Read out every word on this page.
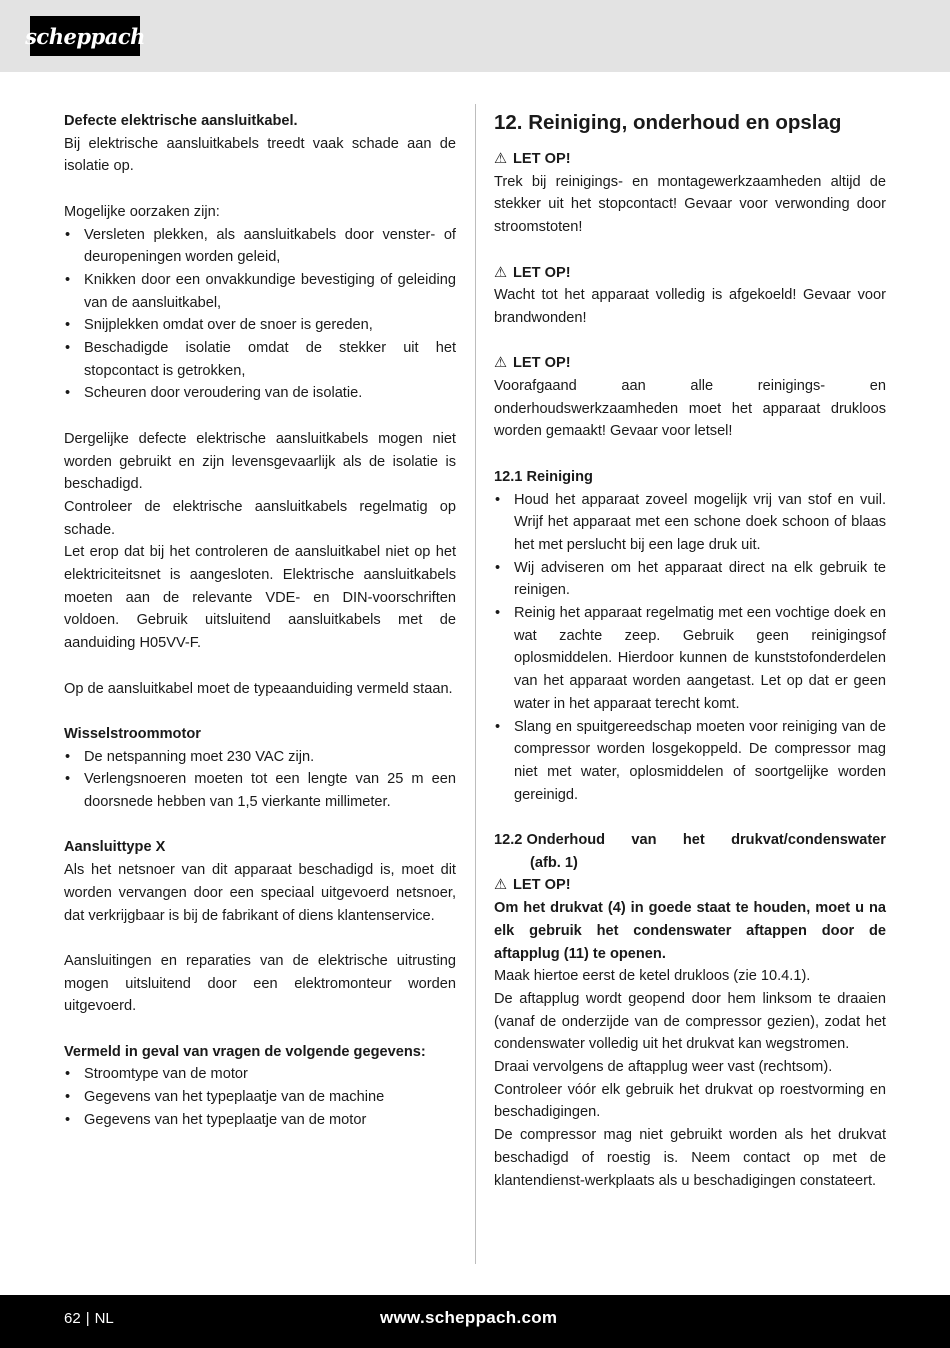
scheppach

Defecte elektrische aansluitkabel.

Bij elektrische aansluitkabels treedt vaak schade aan de isolatie op.

Mogelijke oorzaken zijn:

• Versleten plekken, als aansluitkabels door venster- of deuropeningen worden geleid,
• Knikken door een onvakkundige bevestiging of geleiding van de aansluitkabel,
• Snijplekken omdat over de snoer is gereden,
• Beschadigde isolatie omdat de stekker uit het stopcontact is getrokken,
• Scheuren door veroudering van de isolatie.

Dergelijke defecte elektrische aansluitkabels mogen niet worden gebruikt en zijn levensgevaarlijk als de isolatie is beschadigd.

Controleer de elektrische aansluitkabels regelmatig op schade.

Let erop dat bij het controleren de aansluitkabel niet op het elektriciteitsnet is aangesloten. Elektrische aansluitkabels moeten aan de relevante VDE- en DIN-voorschriften voldoen. Gebruik uitsluitend aansluitkabels met de aanduiding H05VV-F.

Op de aansluitkabel moet de typeaanduiding vermeld staan.

Wisselstroommotor

• De netspanning moet 230 VAC zijn.
• Verlengsnoeren moeten tot een lengte van 25 m een doorsnede hebben van 1,5 vierkante millimeter.

Aansluittype X

Als het netsnoer van dit apparaat beschadigd is, moet dit worden vervangen door een speciaal uitgevoerd netsnoer, dat verkrijgbaar is bij de fabrikant of diens klantenservice.

Aansluitingen en reparaties van de elektrische uitrusting mogen uitsluitend door een elektromonteur worden uitgevoerd.

Vermeld in geval van vragen de volgende gegevens:

• Stroomtype van de motor
• Gegevens van het typeplaatje van de machine
• Gegevens van het typeplaatje van de motor
12. Reiniging, onderhoud en opslag

⚠ LET OP!

Trek bij reinigings- en montagewerkzaamheden altijd de stekker uit het stopcontact! Gevaar voor verwonding door stroomstoten!

⚠ LET OP!

Wacht tot het apparaat volledig is afgekoeld! Gevaar voor brandwonden!

⚠ LET OP!

Voorafgaand aan alle reinigings- en onderhoudswerkzaamheden moet het apparaat drukloos worden gemaakt! Gevaar voor letsel!

12.1 Reiniging

• Houd het apparaat zoveel mogelijk vrij van stof en vuil. Wrijf het apparaat met een schone doek schoon of blaas het met perslucht bij een lage druk uit.
• Wij adviseren om het apparaat direct na elk gebruik te reinigen.
• Reinig het apparaat regelmatig met een vochtige doek en wat zachte zeep. Gebruik geen reinigingsof oplosmiddelen. Hierdoor kunnen de kunststofonderdelen van het apparaat worden aangetast. Let op dat er geen water in het apparaat terecht komt.
• Slang en spuitgereedschap moeten voor reiniging van de compressor worden losgekoppeld. De compressor mag niet met water, oplosmiddelen of soortgelijke worden gereinigd.
12.2 Onderhoud van het drukvat/condenswater

(afb. 1)

⚠ LET OP!

Om het drukvat (4) in goede staat te houden, moet u na elk gebruik het condenswater aftappen door de aftapplug (11) te openen.

Maak hiertoe eerst de ketel drukloos (zie 10.4.1).

De aftapplug wordt geopend door hem linksom te draaien (vanaf de onderzijde van de compressor gezien), zodat het condenswater volledig uit het drukvat kan wegstromen.

Draai vervolgens de aftapplug weer vast (rechtsom).

Controleer vóór elk gebruik het drukvat op roestvorming en beschadigingen.

De compressor mag niet gebruikt worden als het drukvat beschadigd of roestig is. Neem contact op met de klantendienst-werkplaats als u beschadigingen constateert.

62 | NL	www.scheppach.com
